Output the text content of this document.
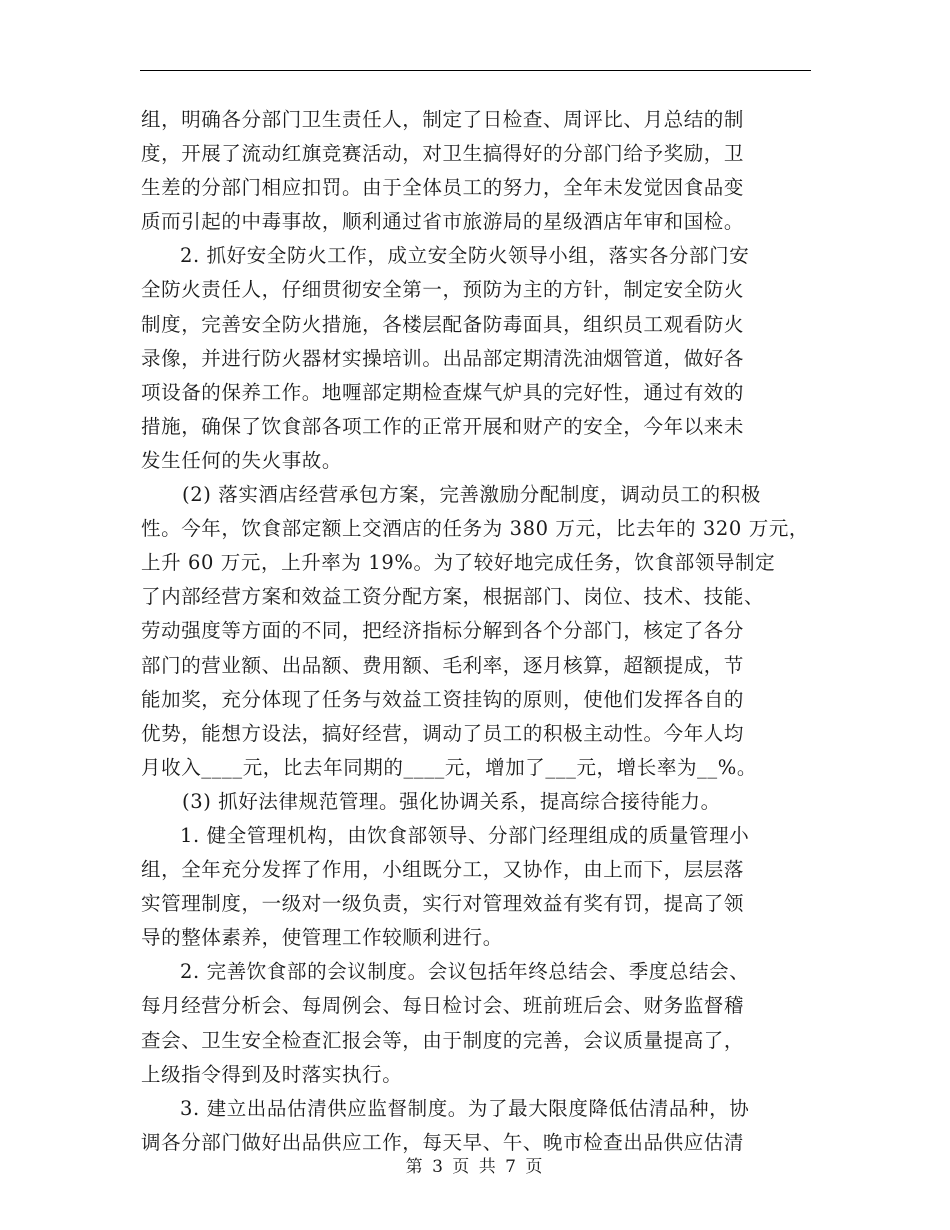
组，明确各分部门卫生责任人，制定了日检查、周评比、月总结的制
度，开展了流动红旗竞赛活动，对卫生搞得好的分部门给予奖励，卫
生差的分部门相应扣罚。由于全体员工的努力，全年未发觉因食品变
质而引起的中毒事故，顺利通过省市旅游局的星级酒店年审和国检。
2. 抓好安全防火工作，成立安全防火领导小组，落实各分部门安
全防火责任人，仔细贯彻安全第一，预防为主的方针，制定安全防火
制度，完善安全防火措施，各楼层配备防毒面具，组织员工观看防火
录像，并进行防火器材实操培训。出品部定期清洗油烟管道，做好各
项设备的保养工作。地喱部定期检查煤气炉具的完好性，通过有效的
措施，确保了饮食部各项工作的正常开展和财产的安全，今年以来未
发生任何的失火事故。
(2) 落实酒店经营承包方案，完善激励分配制度，调动员工的积极
性。今年，饮食部定额上交酒店的任务为 380 万元，比去年的 320 万元，
上升 60 万元，上升率为 19%。为了较好地完成任务，饮食部领导制定
了内部经营方案和效益工资分配方案，根据部门、岗位、技术、技能、
劳动强度等方面的不同，把经济指标分解到各个分部门，核定了各分
部门的营业额、出品额、费用额、毛利率，逐月核算，超额提成，节
能加奖，充分体现了任务与效益工资挂钩的原则，使他们发挥各自的
优势，能想方设法，搞好经营，调动了员工的积极主动性。今年人均
月收入____元，比去年同期的____元，增加了___元，增长率为__%。
(3) 抓好法律规范管理。强化协调关系，提高综合接待能力。
1. 健全管理机构，由饮食部领导、分部门经理组成的质量管理小
组，全年充分发挥了作用，小组既分工，又协作，由上而下，层层落
实管理制度，一级对一级负责，实行对管理效益有奖有罚，提高了领
导的整体素养，使管理工作较顺利进行。
2. 完善饮食部的会议制度。会议包括年终总结会、季度总结会、
每月经营分析会、每周例会、每日检讨会、班前班后会、财务监督稽
查会、卫生安全检查汇报会等，由于制度的完善，会议质量提高了，
上级指令得到及时落实执行。
3. 建立出品估清供应监督制度。为了最大限度降低估清品种，协
调各分部门做好出品供应工作，每天早、午、晚市检查出品供应估清
第 3 页 共 7 页
